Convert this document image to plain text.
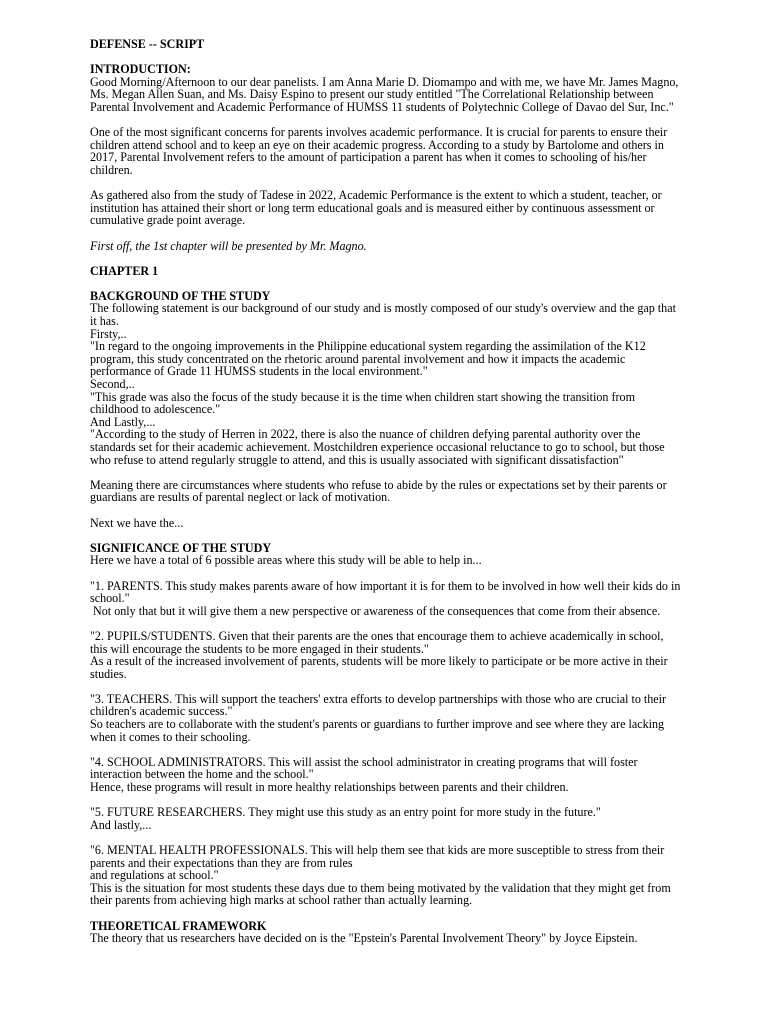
DEFENSE -- SCRIPT
INTRODUCTION:
Good Morning/Afternoon to our dear panelists. I am Anna Marie D. Diomampo and with me, we have Mr. James Magno, Ms. Megan Allen Suan, and Ms. Daisy Espino to present our study entitled "The Correlational Relationship between Parental Involvement and Academic Performance of HUMSS 11 students of Polytechnic College of Davao del Sur, Inc."
One of the most significant concerns for parents involves academic performance. It is crucial for parents to ensure their children attend school and to keep an eye on their academic progress. According to a study by Bartolome and others in 2017, Parental Involvement refers to the amount of participation a parent has when it comes to schooling of his/her children.
As gathered also from the study of Tadese in 2022, Academic Performance is the extent to which a student, teacher, or institution has attained their short or long term educational goals and is measured either by continuous assessment or cumulative grade point average.
First off, the 1st chapter will be presented by Mr. Magno.
CHAPTER 1
BACKGROUND OF THE STUDY
The following statement is our background of our study and is mostly composed of our study's overview and the gap that it has.
Firsty,..
"In regard to the ongoing improvements in the Philippine educational system regarding the assimilation of the K12 program, this study concentrated on the rhetoric around parental involvement and how it impacts the academic performance of Grade 11 HUMSS students in the local environment."
Second,..
"This grade was also the focus of the study because it is the time when children start showing the transition from childhood to adolescence."
And Lastly,...
"According to the study of Herren in 2022, there is also the nuance of children defying parental authority over the standards set for their academic achievement. Mostchildren experience occasional reluctance to go to school, but those who refuse to attend regularly struggle to attend, and this is usually associated with significant dissatisfaction"
Meaning there are circumstances where students who refuse to abide by the rules or expectations set by their parents or guardians are results of parental neglect or lack of motivation.
Next we have the...
SIGNIFICANCE OF THE STUDY
Here we have a total of 6 possible areas where this study will be able to help in...
"1. PARENTS. This study makes parents aware of how important it is for them to be involved in how well their kids do in school."
Not only that but it will give them a new perspective or awareness of the consequences that come from their absence.
"2. PUPILS/STUDENTS. Given that their parents are the ones that encourage them to achieve academically in school, this will encourage the students to be more engaged in their students."
As a result of the increased involvement of parents, students will be more likely to participate or be more active in their studies.
"3. TEACHERS. This will support the teachers' extra efforts to develop partnerships with those who are crucial to their children's academic success."
So teachers are to collaborate with the student's parents or guardians to further improve and see where they are lacking when it comes to their schooling.
"4. SCHOOL ADMINISTRATORS. This will assist the school administrator in creating programs that will foster interaction between the home and the school."
Hence, these programs will result in more healthy relationships between parents and their children.
"5. FUTURE RESEARCHERS. They might use this study as an entry point for more study in the future."
And lastly,...
"6. MENTAL HEALTH PROFESSIONALS. This will help them see that kids are more susceptible to stress from their parents and their expectations than they are from rules
and regulations at school."
This is the situation for most students these days due to them being motivated by the validation that they might get from their parents from achieving high marks at school rather than actually learning.
THEORETICAL FRAMEWORK
The theory that us researchers have decided on is the "Epstein's Parental Involvement Theory" by Joyce Eipstein.
